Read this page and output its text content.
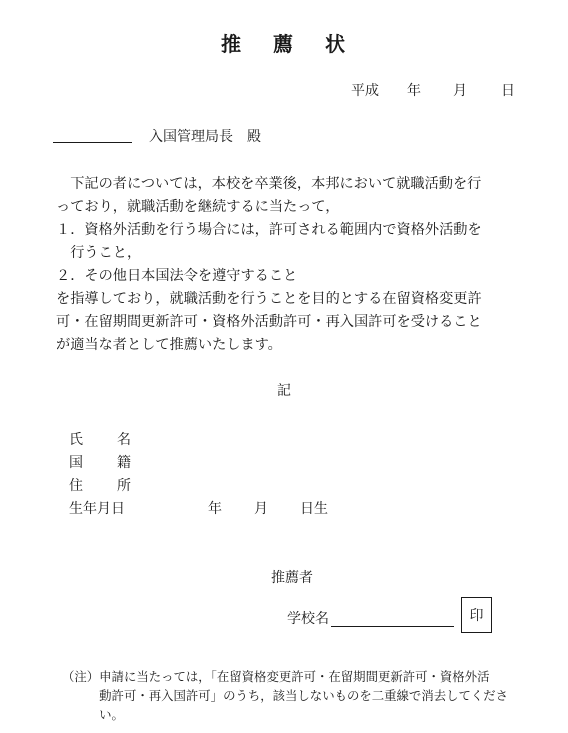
推 薦 状
平成 年 月 日
入国管理局長　殿
　下記の者については，本校を卒業後，本邦において就職活動を行
っており，就職活動を継続するに当たって，
１．資格外活動を行う場合には，許可される範囲内で資格外活動を
　行うこと，
２．その他日本国法令を遵守すること
を指導しており，就職活動を行うことを目的とする在留資格変更許
可・在留期間更新許可・資格外活動許可・再入国許可を受けること
が適当な者として推薦いたします。
記
氏 名
国 籍
住 所
生年月日	年 月 日生
推薦者
学校名	印
（注）申請に当たっては，「在留資格変更許可・在留期間更新許可・資格外活
　　　動許可・再入国許可」のうち，該当しないものを二重線で消去してくださ
　　　い。
